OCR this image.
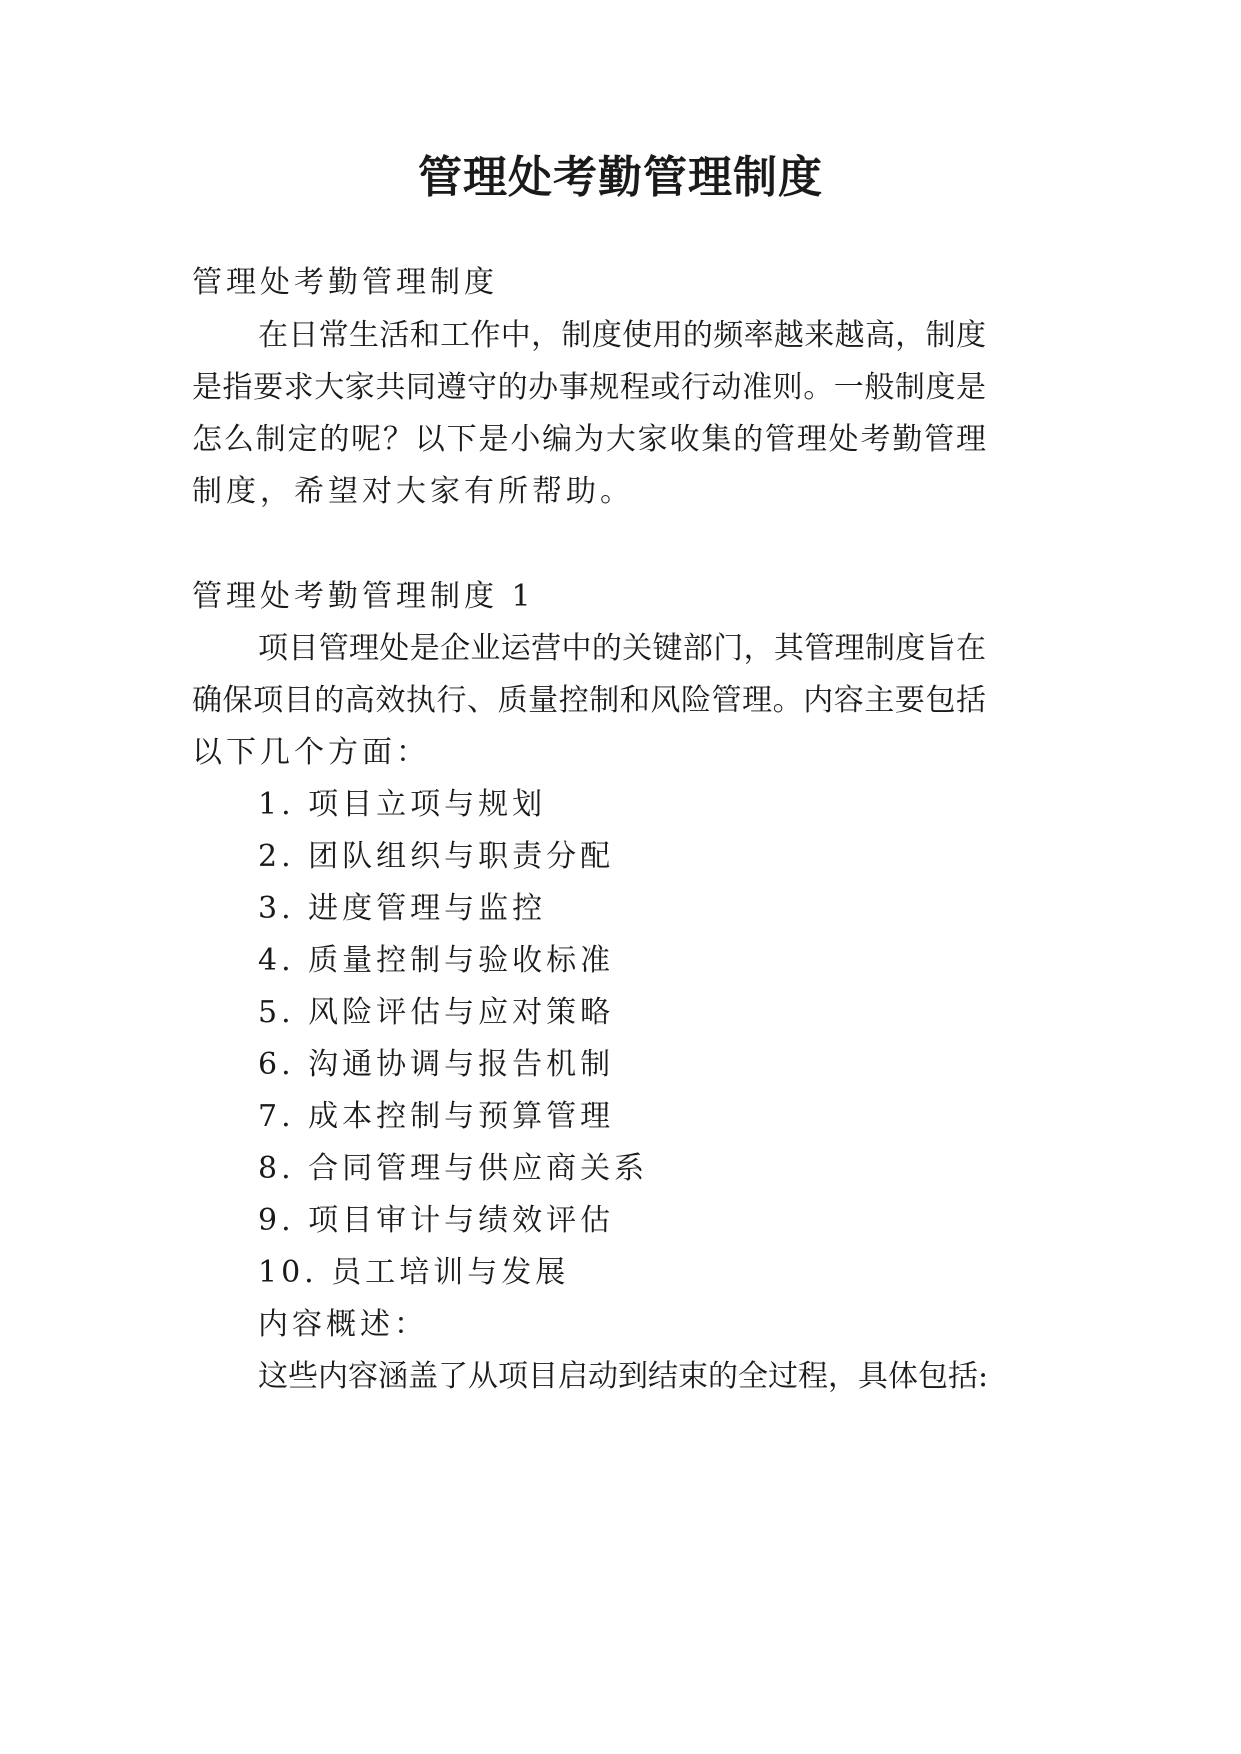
管理处考勤管理制度
管理处考勤管理制度
在日常生活和工作中，制度使用的频率越来越高，制度
是指要求大家共同遵守的办事规程或行动准则。一般制度是
怎么制定的呢？以下是小编为大家收集的管理处考勤管理
制度，希望对大家有所帮助。
管理处考勤管理制度 1
项目管理处是企业运营中的关键部门，其管理制度旨在
确保项目的高效执行、质量控制和风险管理。内容主要包括
以下几个方面：
1. 项目立项与规划
2. 团队组织与职责分配
3. 进度管理与监控
4. 质量控制与验收标准
5. 风险评估与应对策略
6. 沟通协调与报告机制
7. 成本控制与预算管理
8. 合同管理与供应商关系
9. 项目审计与绩效评估
10. 员工培训与发展
内容概述：
这些内容涵盖了从项目启动到结束的全过程，具体包括:
